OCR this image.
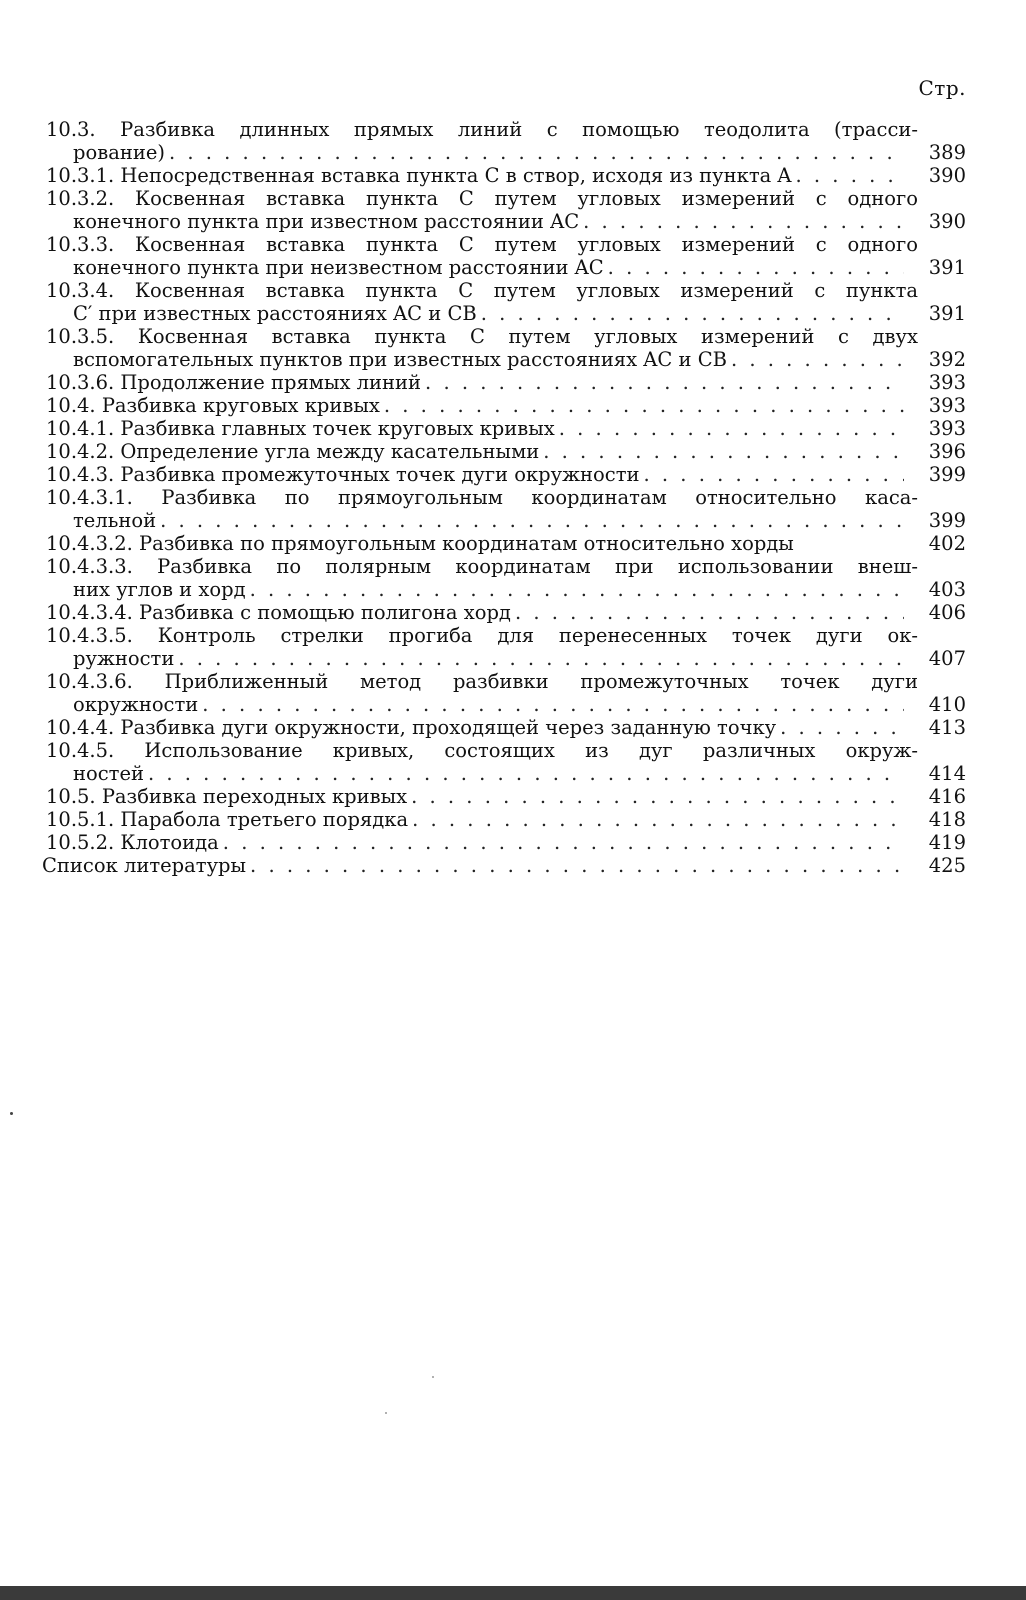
Стр.
10.3. Разбивка длинных прямых линий с помощью теодолита (трасси-
рование) . . .	389
10.3.1. Непосредственная вставка пункта C в створ, исходя из пункта A . . .	390
10.3.2. Косвенная вставка пункта C путем угловых измерений с одного
конечного пункта при известном расстоянии AC . . .	390
10.3.3. Косвенная вставка пункта C путем угловых измерений с одного
конечного пункта при неизвестном расстоянии AC . . .	391
10.3.4. Косвенная вставка пункта C путем угловых измерений с пункта
C′ при известных расстояниях AC и CB . . .	391
10.3.5. Косвенная вставка пункта C путем угловых измерений с двух
вспомогательных пунктов при известных расстояниях AC и CB . . .	392
10.3.6. Продолжение прямых линий . . .	393
10.4. Разбивка круговых кривых . . .	393
10.4.1. Разбивка главных точек круговых кривых . . .	393
10.4.2. Определение угла между касательными . . .	396
10.4.3. Разбивка промежуточных точек дуги окружности . . .	399
10.4.3.1. Разбивка по прямоугольным координатам относительно каса-
тельной . . .	399
10.4.3.2. Разбивка по прямоугольным координатам относительно хорды	402
10.4.3.3. Разбивка по полярным координатам при использовании внеш-
них углов и хорд . . .	403
10.4.3.4. Разбивка с помощью полигона хорд . . .	406
10.4.3.5. Контроль стрелки прогиба для перенесенных точек дуги ок-
ружности . . .	407
10.4.3.6. Приближенный метод разбивки промежуточных точек дуги
окружности . . .	410
10.4.4. Разбивка дуги окружности, проходящей через заданную точку . . .	413
10.4.5. Использование кривых, состоящих из дуг различных окруж-
ностей . . .	414
10.5. Разбивка переходных кривых . . .	416
10.5.1. Парабола третьего порядка . . .	418
10.5.2. Клотоида . . .	419
Список литературы . . .	425
